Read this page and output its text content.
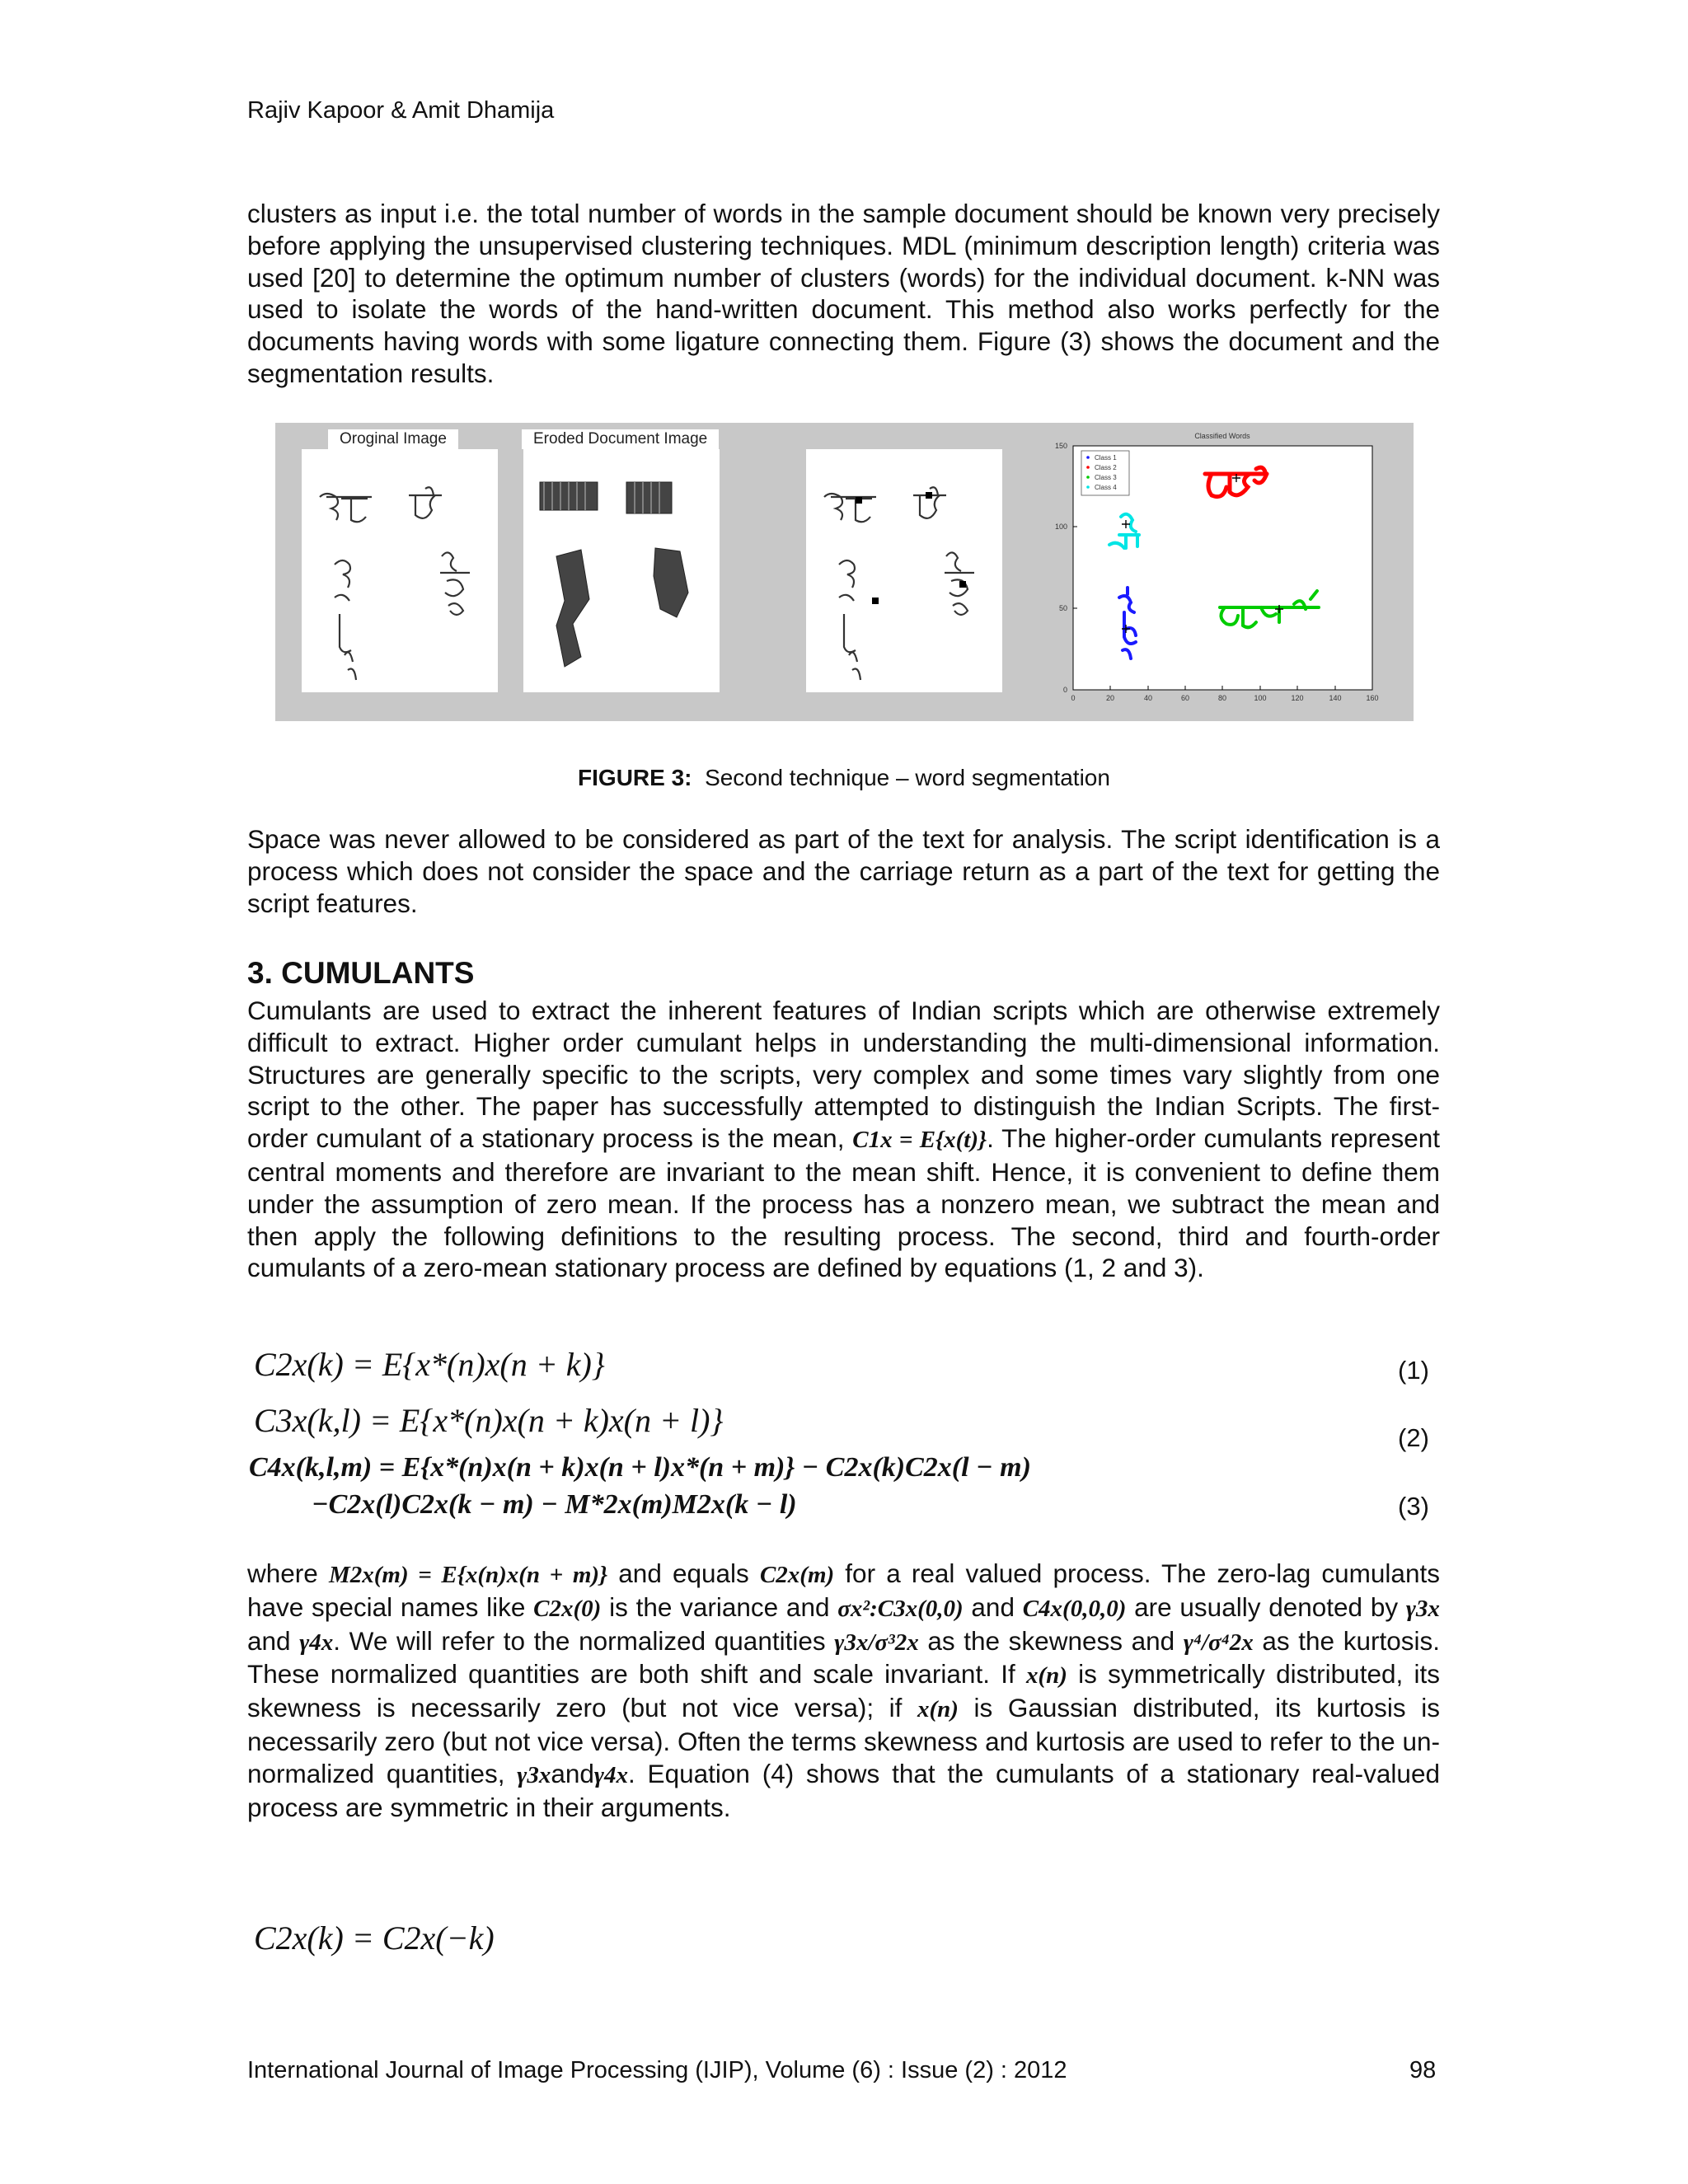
Rajiv Kapoor & Amit Dhamija

clusters as input i.e. the total number of words in the sample document should be known very precisely before applying the unsupervised clustering techniques. MDL (minimum description length) criteria was used [20] to determine the optimum number of clusters (words) for the individual document. k-NN was used to isolate the words of the hand-written document. This method also works perfectly for the documents having words with some ligature connecting them. Figure (3) shows the document and the segmentation results.

Oroginal Image	Eroded Document Image
0
50
100
150
0	20	40	60	80	100	120	140	160
Classified Words
Class 1
Class 2
Class 3
Class 4
FIGURE 3: Second technique – word segmentation

Space was never allowed to be considered as part of the text for analysis. The script identification is a process which does not consider the space and the carriage return as a part of the text for getting the script features.

3. CUMULANTS

Cumulants are used to extract the inherent features of Indian scripts which are otherwise extremely difficult to extract. Higher order cumulant helps in understanding the multi-dimensional information. Structures are generally specific to the scripts, very complex and some times vary slightly from one script to the other. The paper has successfully attempted to distinguish the Indian Scripts. The first-order cumulant of a stationary process is the mean, C1x = E{x(t)}. The higher-order cumulants represent central moments and therefore are invariant to the mean shift. Hence, it is convenient to define them under the assumption of zero mean. If the process has a nonzero mean, we subtract the mean and then apply the following definitions to the resulting process. The second, third and fourth-order cumulants of a zero-mean stationary process are defined by equations (1, 2 and 3).

C2x(k) = E{x*(n)x(n + k)}	(1)
C3x(k,l) = E{x*(n)x(n + k)x(n + l)}	(2)
C4x(k,l,m) = E{x*(n)x(n + k)x(n + l)x*(n + m)} − C2x(k)C2x(l − m)
−C2x(l)C2x(k − m) − M*2x(m)M2x(k − l)	(3)

where M2x(m) = E{x(n)x(n + m)} and equals C2x(m) for a real valued process. The zero-lag cumulants have special names like C2x(0) is the variance and σx²:C3x(0,0) and C4x(0,0,0) are usually denoted by γ3x and γ4x. We will refer to the normalized quantities γ3x/σ³2x as the skewness and γ⁴/σ⁴2x as the kurtosis. These normalized quantities are both shift and scale invariant. If x(n) is symmetrically distributed, its skewness is necessarily zero (but not vice versa); if x(n) is Gaussian distributed, its kurtosis is necessarily zero (but not vice versa). Often the terms skewness and kurtosis are used to refer to the un-normalized quantities, γ3xandγ4x. Equation (4) shows that the cumulants of a stationary real-valued process are symmetric in their arguments.

C2x(k) = C2x(−k)
International Journal of Image Processing (IJIP), Volume (6) : Issue (2) : 2012	98
